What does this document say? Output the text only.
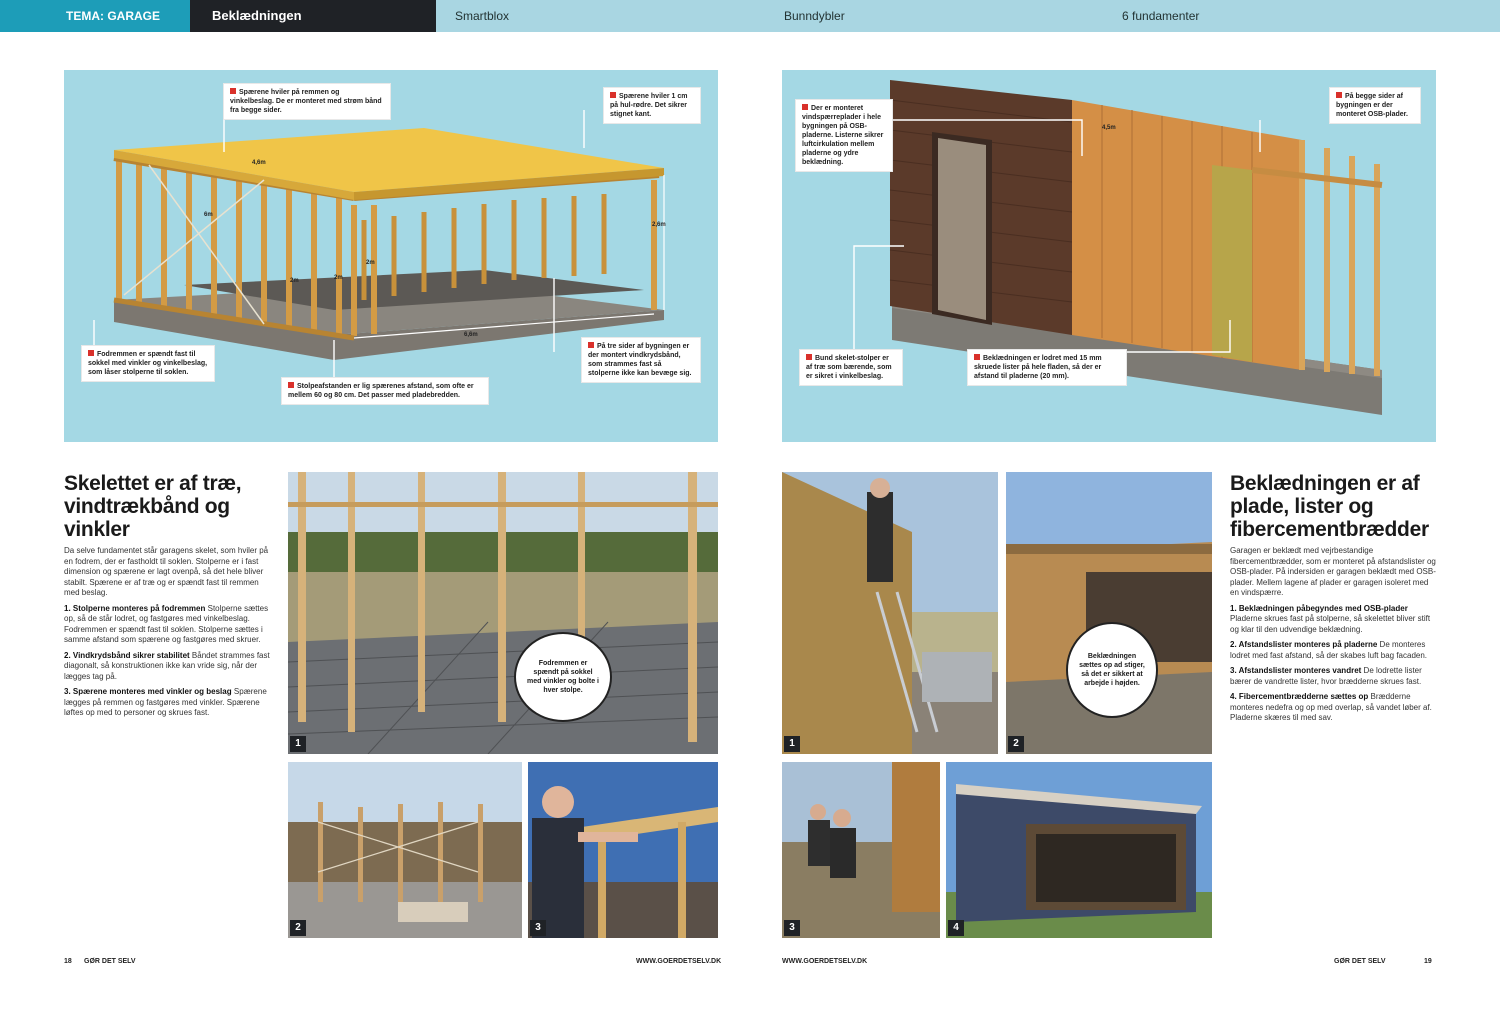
TEMA: GARAGE	Beklædningen	Smartblox	Bunndybler	6 fundamenter
4,6m
6m
2,6m
2m
6,6m
2m	2m
Spærene hviler på remmen og vinkelbeslag. De er monteret med strøm bånd fra begge sider.
Spærene hviler 1 cm på hul-rødre. Det sikrer stignet kant.
Fodremmen er spændt fast til sokkel med vinkler og vinkelbeslag, som låser stolperne til soklen.
Stolpeafstanden er lig spærenes afstand, som ofte er mellem 60 og 80 cm. Det passer med pladebredden.
På tre sider af bygningen er der montert vindkrydsbånd, som strammes fast så stolperne ikke kan bevæge sig.
4,5m
Der er monteret vindspærreplader i hele bygningen på OSB-pladerne. Listerne sikrer luftcirkulation mellem pladerne og ydre beklædning.
På begge sider af bygningen er der monteret OSB-plader.
Bund skelet-stolper er af træ som bærende, som er sikret i vinkelbeslag.
Beklædningen er lodret med 15 mm skruede lister på hele fladen, så der er afstand til pladerne (20 mm).
Skelettet er af træ, vindtrækbånd og vinkler

Da selve fundamentet står garagens skelet, som hviler på en fodrem, der er fastholdt til soklen. Stolperne er i fast dimension og spærene er lagt ovenpå, så det hele bliver stabilt. Spærene er af træ og er spændt fast til remmen med beslag.

1. Stolperne monteres på fodremmen Stolperne sættes op, så de står lodret, og fastgøres med vinkelbeslag. Fodremmen er spændt fast til soklen. Stolperne sættes i samme afstand som spærene og fastgøres med skruer.

2. Vindkrydsbånd sikrer stabilitet Båndet strammes fast diagonalt, så konstruktionen ikke kan vride sig, når der lægges tag på.

3. Spærene monteres med vinkler og beslag Spærene lægges på remmen og fastgøres med vinkler. Spærene løftes op med to personer og skrues fast.

Fodremmen er spændt på sokkel med vinkler og bolte i hver stolpe.
1
2	3
1
Beklædningen sættes op ad stiger, så det er sikkert at arbejde i højden.
2
3	4
Beklædningen er af plade, lister og fibercementbrædder

Garagen er beklædt med vejrbestandige fibercementbrædder, som er monteret på afstandslister og OSB-plader. På indersiden er garagen beklædt med OSB-plader. Mellem lagene af plader er garagen isoleret med en vindspærre.

1. Beklædningen påbegyndes med OSB-plader Pladerne skrues fast på stolperne, så skelettet bliver stift og klar til den udvendige beklædning.

2. Afstandslister monteres på pladerne De monteres lodret med fast afstand, så der skabes luft bag facaden.

3. Afstandslister monteres vandret De lodrette lister bærer de vandrette lister, hvor brædderne skrues fast.

4. Fibercementbrædderne sættes op Brædderne monteres nedefra og op med overlap, så vandet løber af. Pladerne skæres til med sav.

18 GØR DET SELV	WWW.GOERDETSELV.DK	WWW.GOERDETSELV.DK	GØR DET SELV	19
